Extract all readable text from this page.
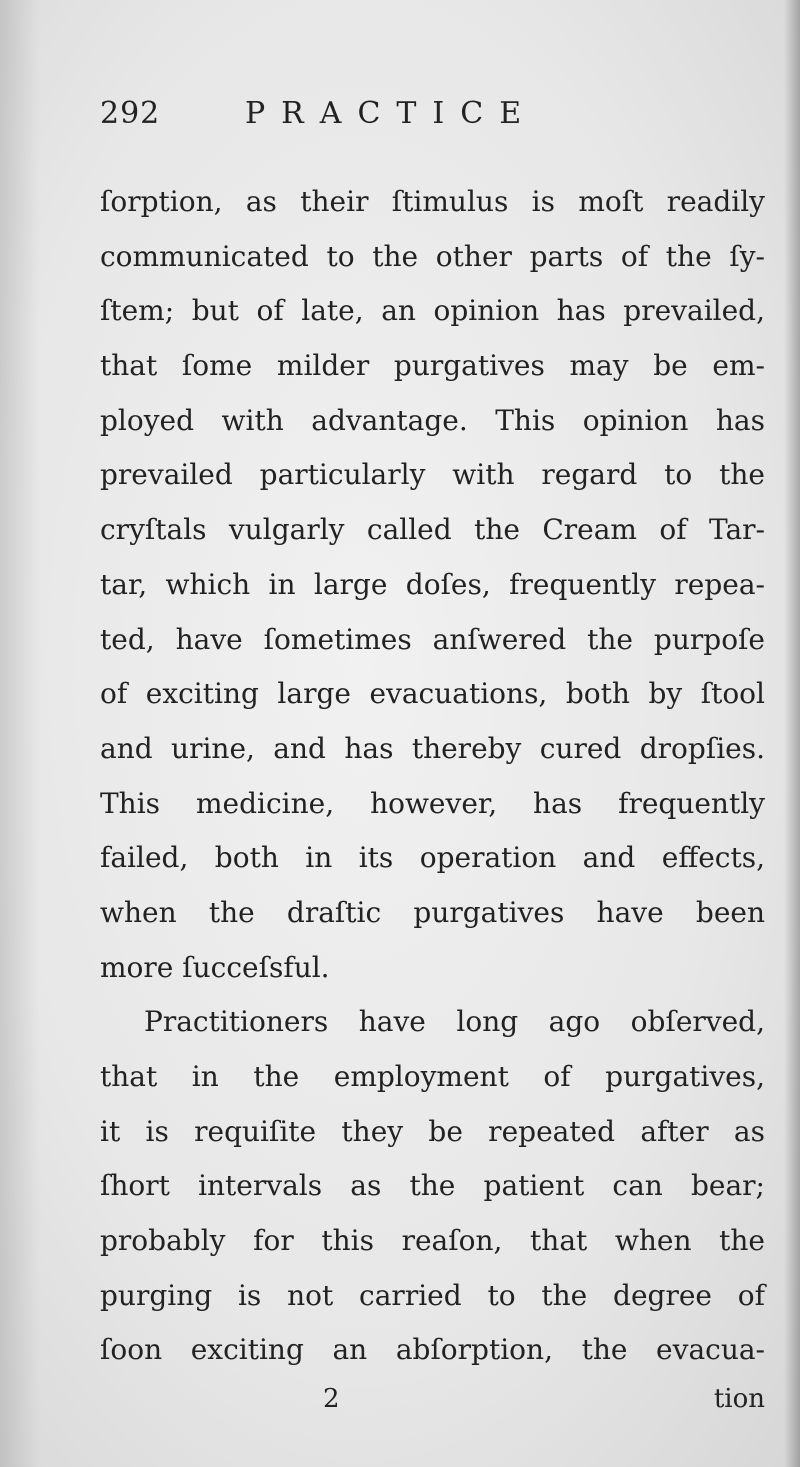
292	PRACTICE
ſorption, as their ſtimulus is moſt readily
communicated to the other parts of the ſy-
ſtem; but of late, an opinion has prevailed,
that ſome milder purgatives may be em-
ployed with advantage. This opinion has
prevailed particularly with regard to the
cryſtals vulgarly called the Cream of Tar-
tar, which in large doſes, frequently repea-
ted, have ſometimes anſwered the purpoſe
of exciting large evacuations, both by ſtool
and urine, and has thereby cured dropſies.
This medicine, however, has frequently
failed, both in its operation and effects,
when the draſtic purgatives have been
more ſucceſsful.
Practitioners have long ago obſerved,
that in the employment of purgatives,
it is requiſite they be repeated after as
ſhort intervals as the patient can bear;
probably for this reaſon, that when the
purging is not carried to the degree of
ſoon exciting an abſorption, the evacua-
2	tion
